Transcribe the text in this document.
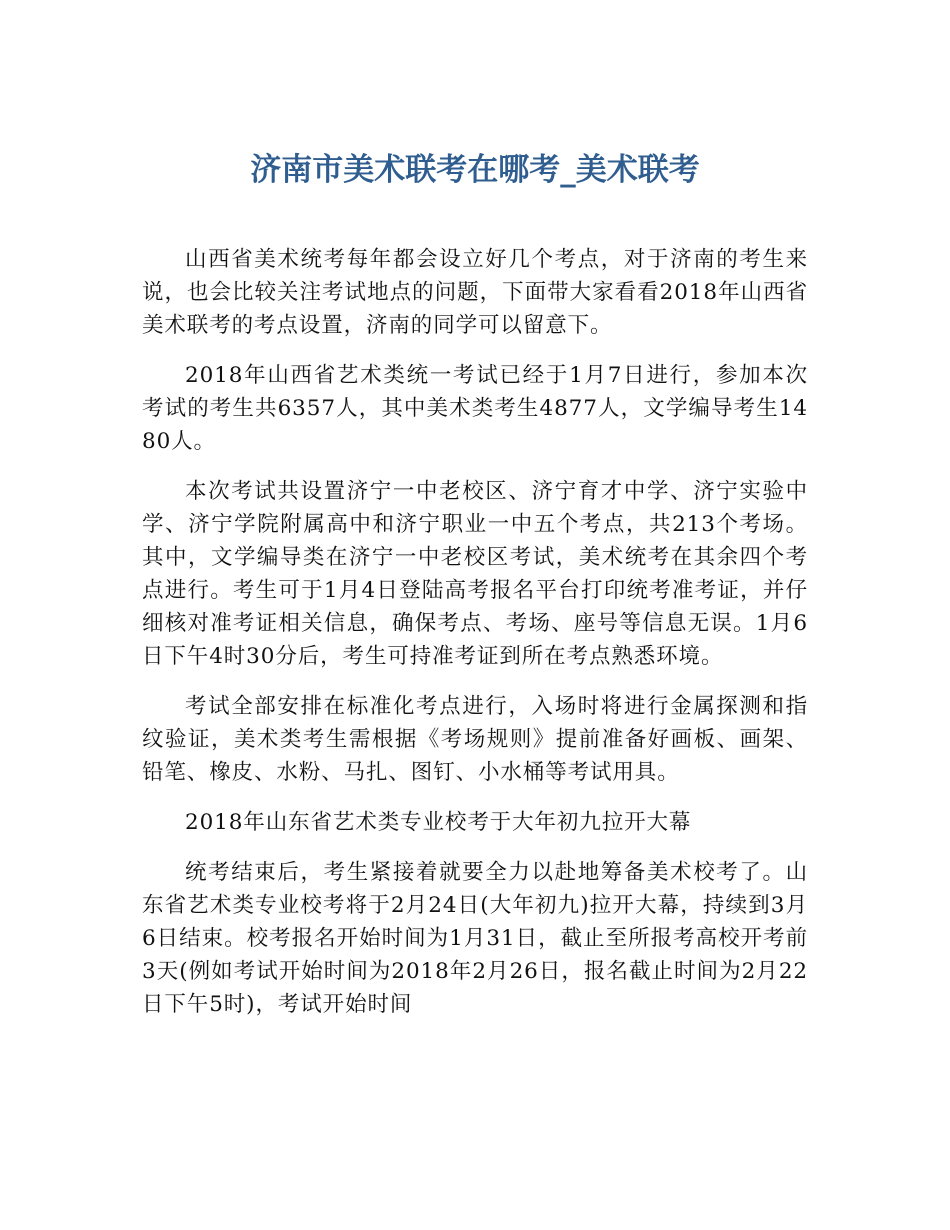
济南市美术联考在哪考_美术联考

山西省美术统考每年都会设立好几个考点，对于济南的考生来说，也会比较关注考试地点的问题，下面带大家看看2018年山西省美术联考的考点设置，济南的同学可以留意下。

2018年山西省艺术类统一考试已经于1月7日进行，参加本次考试的考生共6357人，其中美术类考生4877人，文学编导考生1480人。

本次考试共设置济宁一中老校区、济宁育才中学、济宁实验中学、济宁学院附属高中和济宁职业一中五个考点，共213个考场。其中，文学编导类在济宁一中老校区考试，美术统考在其余四个考点进行。考生可于1月4日登陆高考报名平台打印统考准考证，并仔细核对准考证相关信息，确保考点、考场、座号等信息无误。1月6日下午4时30分后，考生可持准考证到所在考点熟悉环境。

考试全部安排在标准化考点进行，入场时将进行金属探测和指纹验证，美术类考生需根据《考场规则》提前准备好画板、画架、铅笔、橡皮、水粉、马扎、图钉、小水桶等考试用具。

2018年山东省艺术类专业校考于大年初九拉开大幕

统考结束后，考生紧接着就要全力以赴地筹备美术校考了。山东省艺术类专业校考将于2月24日(大年初九)拉开大幕，持续到3月6日结束。校考报名开始时间为1月31日，截止至所报考高校开考前3天(例如考试开始时间为2018年2月26日，报名截止时间为2月22日下午5时)，考试开始时间
